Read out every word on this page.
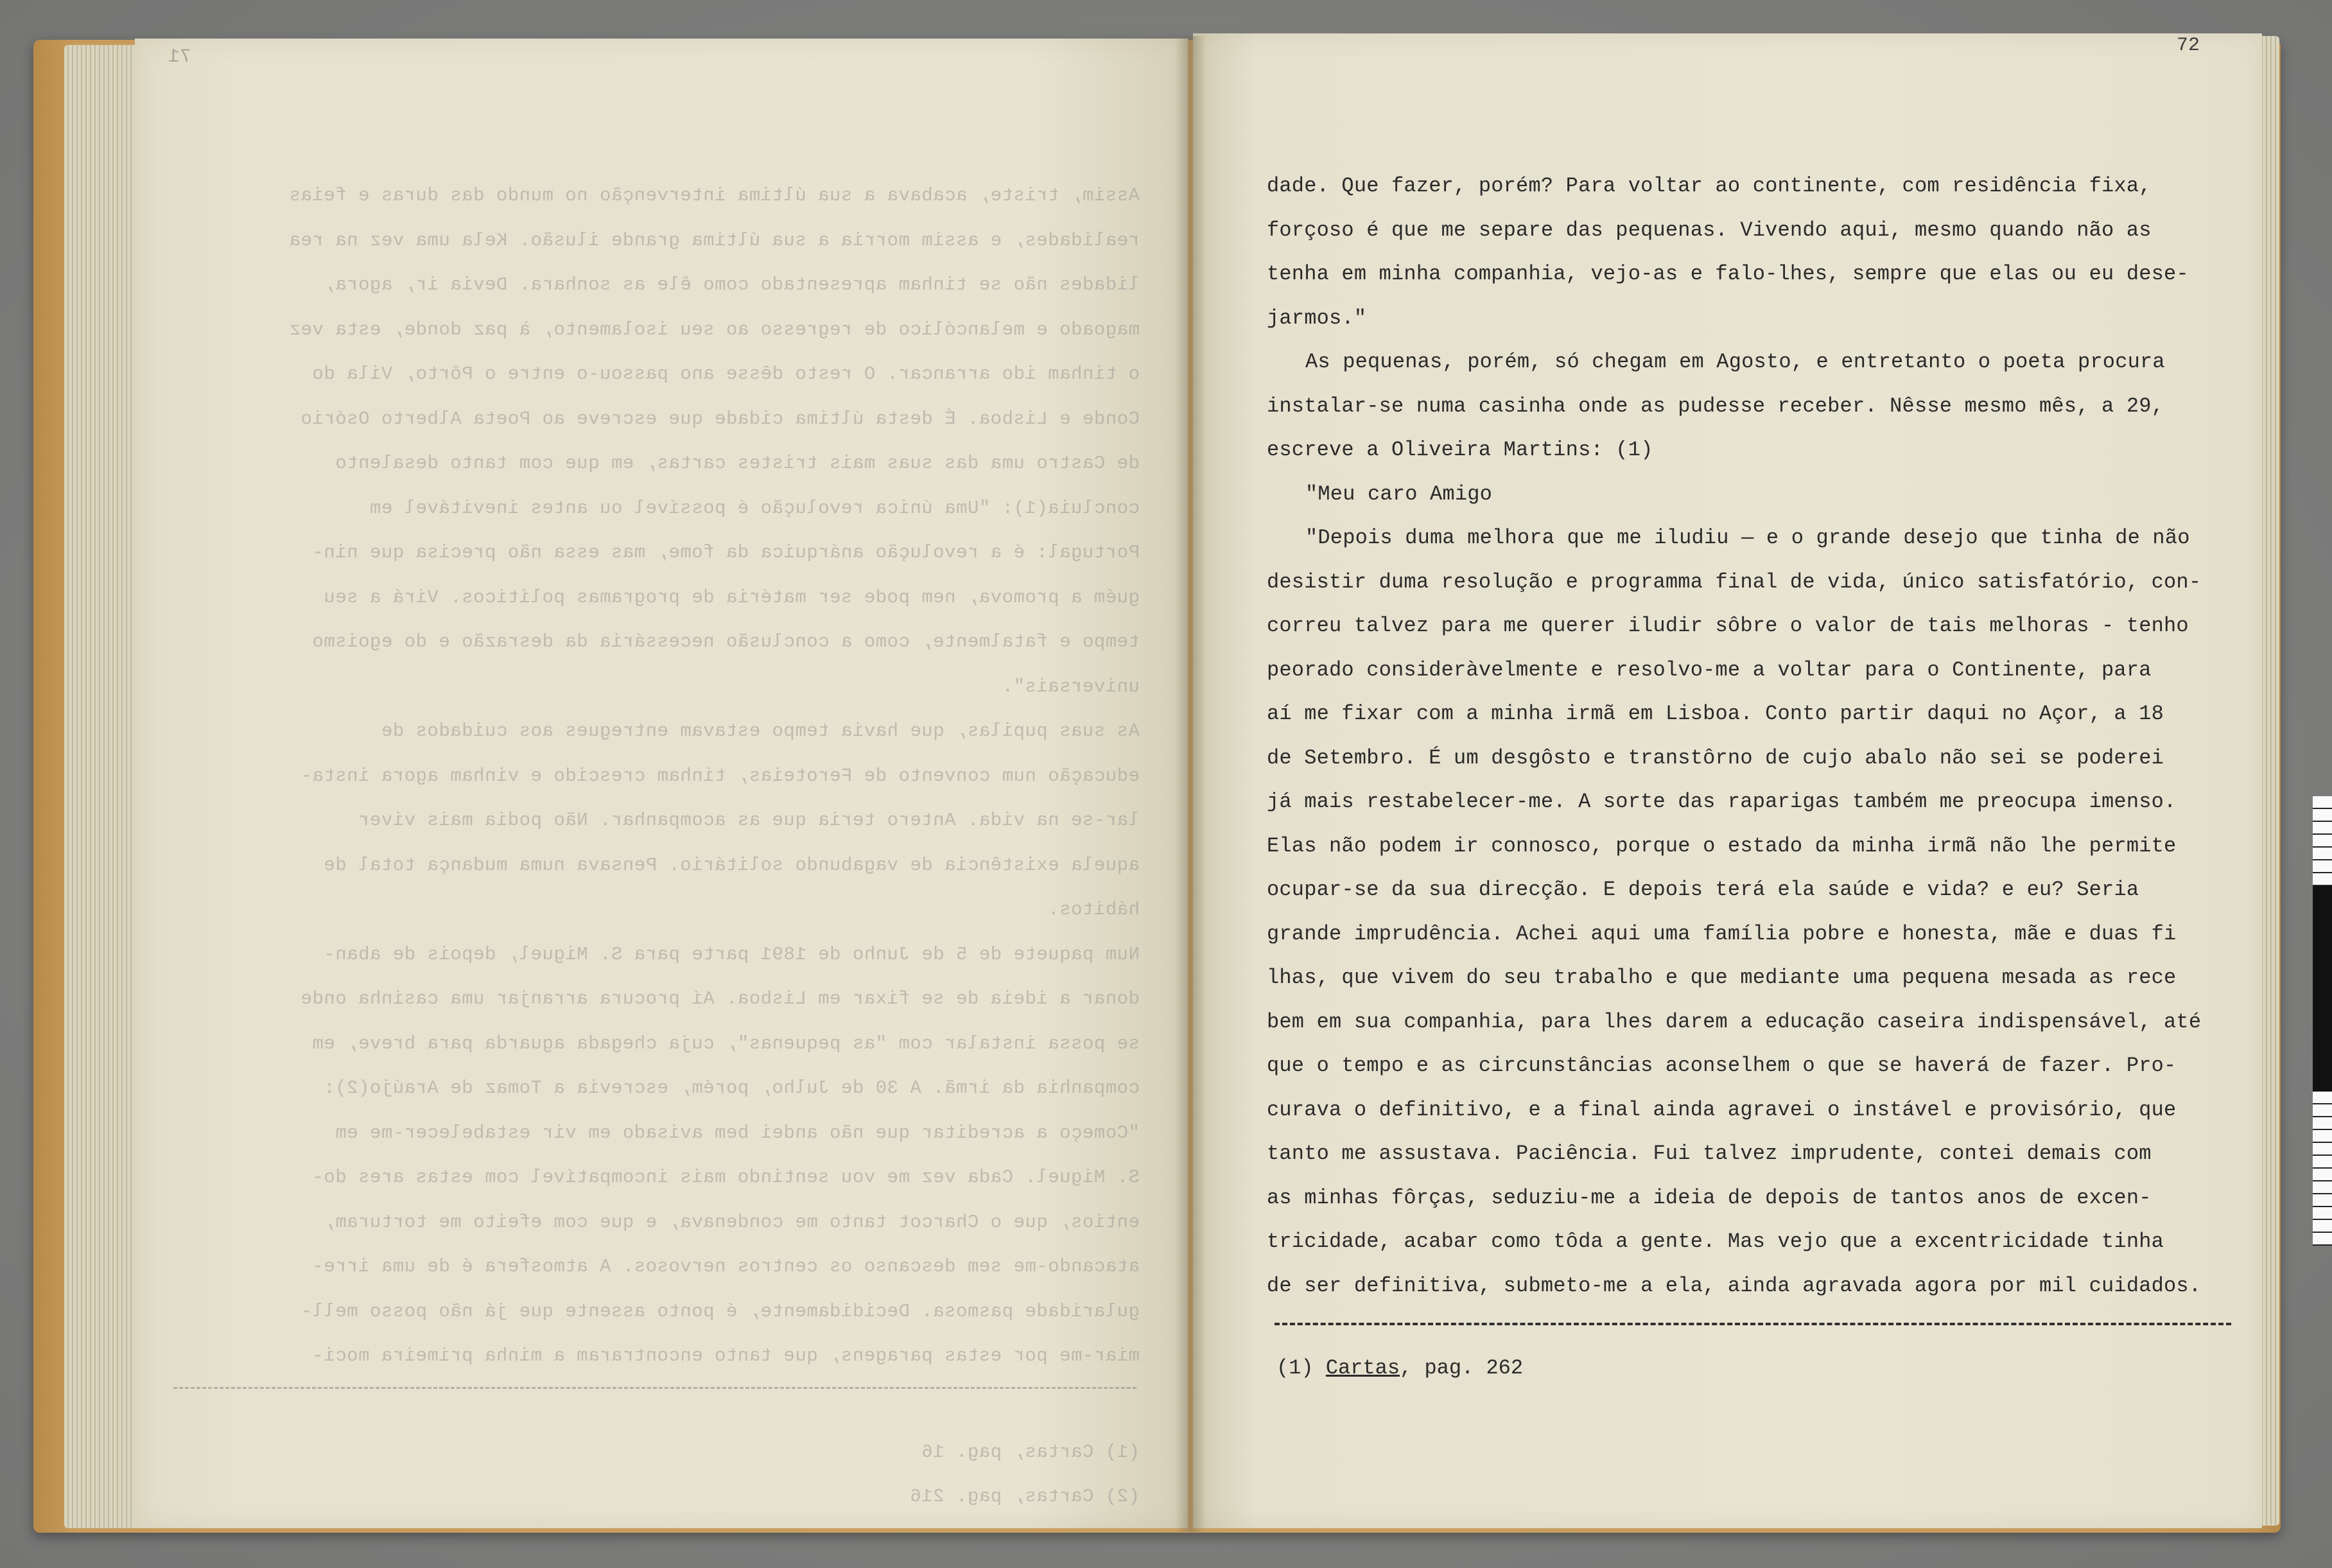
71
Assim, triste, acabava a sua última intervenção no mundo das duras e feias
realidades, e assim morria a sua última grande ilusão. Kela uma vez na rea
lidades não se tinham apresentado como êle as sonhara. Devia ir, agora,
magoado e melancólico de regresso ao seu isolamento, à paz donde, esta vez
o tinham ido arrancar. O resto dêsse ano passou-o entre o Pôrto, Vila do
Conde e Lisboa. É desta última cidade que escreve ao Poeta Alberto Osório
de Castro uma das suas mais tristes cartas, em que com tanto desalento
concluia(1): "Uma única revolução é possível ou antes inevitável em
Portugal: é a revolução anárquica da fome, mas essa não precisa que nin-
guém a promova, nem pode ser matéria de programas políticos. Virá a seu
tempo e fatalmente, como a conclusão necessária da desrazão e do egoismo
universais".
As suas pupilas, que havia tempo estavam entregues aos cuidados de
educação num convento de Feroteias, tinham crescido e vinham agora insta-
lar-se na vida. Antero teria que as acompanhar. Não podia mais viver
aquela existência de vagabundo solitário. Pensava numa mudança total de
hábitos.
Num paquete de 5 de Junho de 1891 parte para S. Miguel, depois de aban-
donar a ideia de se fixar em Lisboa. Aí procura arranjar uma casinha onde
se possa instalar com "as pequenas", cuja chegada aguarda para breve, em
companhia da irmã. A 30 de Julho, porém, escrevia a Tomaz de Araújo(2):
"Começo a acreditar que não andei bem avisado em vir estabelecer-me em
S. Miguel. Cada vez me vou sentindo mais incompatível com estas ares do-
entios, que o Charcot tanto me condenava, e que com efeito me torturam,
atacando-me sem descanso os centros nervosos. A atmosfera é de uma irre-
gularidade pasmosa. Decididamente, é ponto assente que já não posso mell-
miar-me por estas paragens, que tanto encontraram a minha primeira moci-
(1) Cartas, pag. 16
(2) Cartas, pag. 216
72
dade. Que fazer, porém? Para voltar ao continente, com residência fixa,
forçoso é que me separe das pequenas. Vivendo aqui, mesmo quando não as
tenha em minha companhia, vejo-as e falo-lhes, sempre que elas ou eu dese-
jarmos."
As pequenas, porém, só chegam em Agosto, e entretanto o poeta procura
instalar-se numa casinha onde as pudesse receber. Nêsse mesmo mês, a 29,
escreve a Oliveira Martins: (1)
"Meu caro Amigo
"Depois duma melhora que me iludiu — e o grande desejo que tinha de não
desistir duma resolução e programma final de vida, único satisfatório, con-
correu talvez para me querer iludir sôbre o valor de tais melhoras - tenho
peorado consideràvelmente e resolvo-me a voltar para o Continente, para
aí me fixar com a minha irmã em Lisboa. Conto partir daqui no Açor, a 18
de Setembro. É um desgôsto e transtôrno de cujo abalo não sei se poderei
já mais restabelecer-me. A sorte das raparigas também me preocupa imenso.
Elas não podem ir connosco, porque o estado da minha irmã não lhe permite
ocupar-se da sua direcção. E depois terá ela saúde e vida? e eu? Seria
grande imprudência. Achei aqui uma família pobre e honesta, mãe e duas fi
lhas, que vivem do seu trabalho e que mediante uma pequena mesada as rece
bem em sua companhia, para lhes darem a educação caseira indispensável, até
que o tempo e as circunstâncias aconselhem o que se haverá de fazer. Pro-
curava o definitivo, e a final ainda agravei o instável e provisório, que
tanto me assustava. Paciência. Fui talvez imprudente, contei demais com
as minhas fôrças, seduziu-me a ideia de depois de tantos anos de excen-
tricidade, acabar como tôda a gente. Mas vejo que a excentricidade tinha
de ser definitiva, submeto-me a ela, ainda agravada agora por mil cuidados.
(1) Cartas, pag. 262
